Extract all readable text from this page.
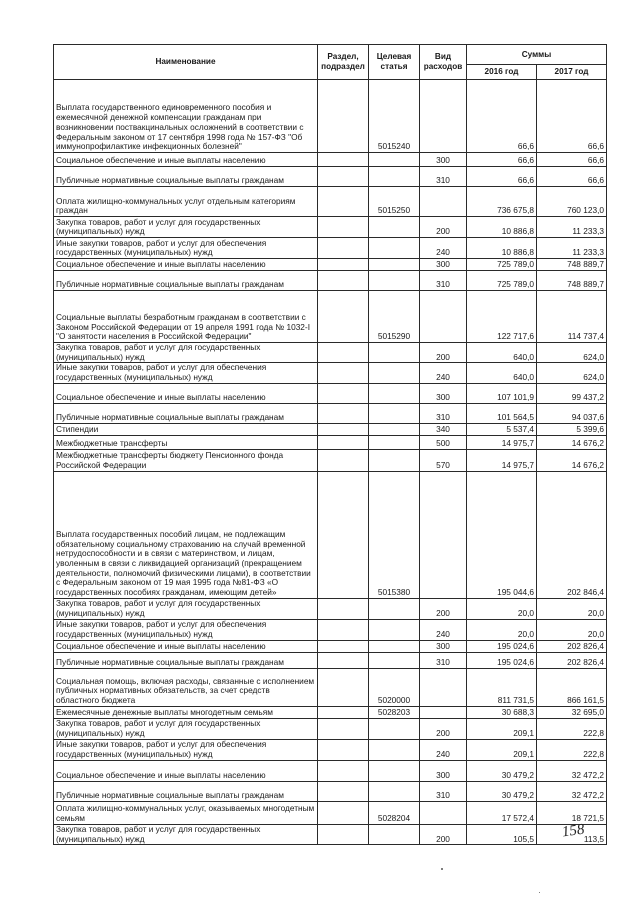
Наименование	Раздел, подраздел	Целевая статья	Вид расходов	Суммы	
				2016 год	2017 год
Выплата государственного единовременного пособия и ежемесячной денежной компенсации гражданам при возникновении поствакцинальных осложнений в соответствии с Федеральным законом от 17 сентября 1998 года № 157-ФЗ "Об иммунопрофилактике инфекционных болезней"		5015240		66,6	66,6
Социальное обеспечение и иные выплаты населению			300	66,6	66,6
Публичные нормативные социальные выплаты гражданам			310	66,6	66,6
Оплата жилищно-коммунальных услуг отдельным категориям граждан		5015250		736 675,8	760 123,0
Закупка товаров, работ и услуг для государственных (муниципальных) нужд			200	10 886,8	11 233,3
Иные закупки товаров, работ и услуг для обеспечения государственных (муниципальных) нужд			240	10 886,8	11 233,3
Социальное обеспечение и иные выплаты населению			300	725 789,0	748 889,7
Публичные нормативные социальные выплаты гражданам			310	725 789,0	748 889,7
Социальные выплаты безработным гражданам в соответствии с Законом Российской Федерации от 19 апреля 1991 года № 1032-I "О занятости населения в Российской Федерации"		5015290		122 717,6	114 737,4
Закупка товаров, работ и услуг для государственных (муниципальных) нужд			200	640,0	624,0
Иные закупки товаров, работ и услуг для обеспечения государственных (муниципальных) нужд			240	640,0	624,0
Социальное обеспечение и иные выплаты населению			300	107 101,9	99 437,2
Публичные нормативные социальные выплаты гражданам			310	101 564,5	94 037,6
Стипендии			340	5 537,4	5 399,6
Межбюджетные трансферты			500	14 975,7	14 676,2
Межбюджетные трансферты бюджету Пенсионного фонда Российской Федерации			570	14 975,7	14 676,2
Выплата государственных пособий лицам, не подлежащим обязательному социальному страхованию на случай временной нетрудоспособности и в связи с материнством, и лицам, уволенным в связи с ликвидацией организаций (прекращением деятельности, полномочий физическими лицами), в соответствии с Федеральным законом от 19 мая 1995 года №81-ФЗ «О государственных пособиях гражданам, имеющим детей»		5015380		195 044,6	202 846,4
Закупка товаров, работ и услуг для государственных (муниципальных) нужд			200	20,0	20,0
Иные закупки товаров, работ и услуг для обеспечения государственных (муниципальных) нужд			240	20,0	20,0
Социальное обеспечение и иные выплаты населению			300	195 024,6	202 826,4
Публичные нормативные социальные выплаты гражданам			310	195 024,6	202 826,4
Социальная помощь, включая расходы, связанные с исполнением публичных нормативных обязательств, за счет средств областного бюджета		5020000		811 731,5	866 161,5
Ежемесячные денежные выплаты многодетным семьям		5028203		30 688,3	32 695,0
Закупка товаров, работ и услуг для государственных (муниципальных) нужд			200	209,1	222,8
Иные закупки товаров, работ и услуг для обеспечения государственных (муниципальных) нужд			240	209,1	222,8
Социальное обеспечение и иные выплаты населению			300	30 479,2	32 472,2
Публичные нормативные социальные выплаты гражданам			310	30 479,2	32 472,2
Оплата жилищно-коммунальных услуг, оказываемых многодетным семьям		5028204		17 572,4	18 721,5
Закупка товаров, работ и услуг для государственных (муниципальных) нужд			200	105,5	113,5
158
